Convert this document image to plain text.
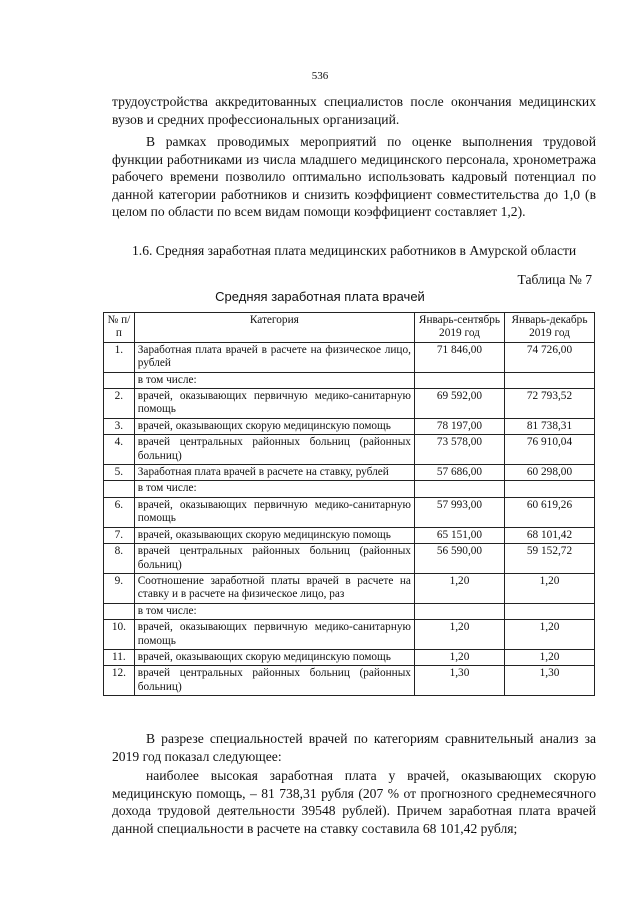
536
трудоустройства аккредитованных специалистов после окончания медицинских вузов и средних профессиональных организаций.
В рамках проводимых мероприятий по оценке выполнения трудовой функции работниками из числа младшего медицинского персонала, хронометража рабочего времени позволило оптимально использовать кадровый потенциал по данной категории работников и снизить коэффициент совместительства до 1,0 (в целом по области по всем видам помощи коэффициент составляет 1,2).
1.6. Средняя заработная плата медицинских работников в Амурской области
Таблица № 7
Средняя заработная плата врачей
№ п/п	Категория	Январь-сентябрь 2019 год	Январь-декабрь 2019 год
1.	Заработная плата врачей в расчете на физическое лицо, рублей	71 846,00	74 726,00
	в том числе:		
2.	врачей, оказывающих первичную медико-санитарную помощь	69 592,00	72 793,52
3.	врачей, оказывающих скорую медицинскую помощь	78 197,00	81 738,31
4.	врачей центральных районных больниц (районных больниц)	73 578,00	76 910,04
5.	Заработная плата врачей в расчете на ставку, рублей	57 686,00	60 298,00
	в том числе:		
6.	врачей, оказывающих первичную медико-санитарную помощь	57 993,00	60 619,26
7.	врачей, оказывающих скорую медицинскую помощь	65 151,00	68 101,42
8.	врачей центральных районных больниц (районных больниц)	56 590,00	59 152,72
9.	Соотношение заработной платы врачей в расчете на ставку и в расчете на физическое лицо, раз	1,20	1,20
	в том числе:		
10.	врачей, оказывающих первичную медико-санитарную помощь	1,20	1,20
11.	врачей, оказывающих скорую медицинскую помощь	1,20	1,20
12.	врачей центральных районных больниц (районных больниц)	1,30	1,30
В разрезе специальностей врачей по категориям сравнительный анализ за 2019 год показал следующее:
наиболее высокая заработная плата у врачей, оказывающих скорую медицинскую помощь, – 81 738,31 рубля (207 % от прогнозного среднемесячного дохода трудовой деятельности 39548 рублей). Причем заработная плата врачей данной специальности в расчете на ставку составила 68 101,42 рубля;
